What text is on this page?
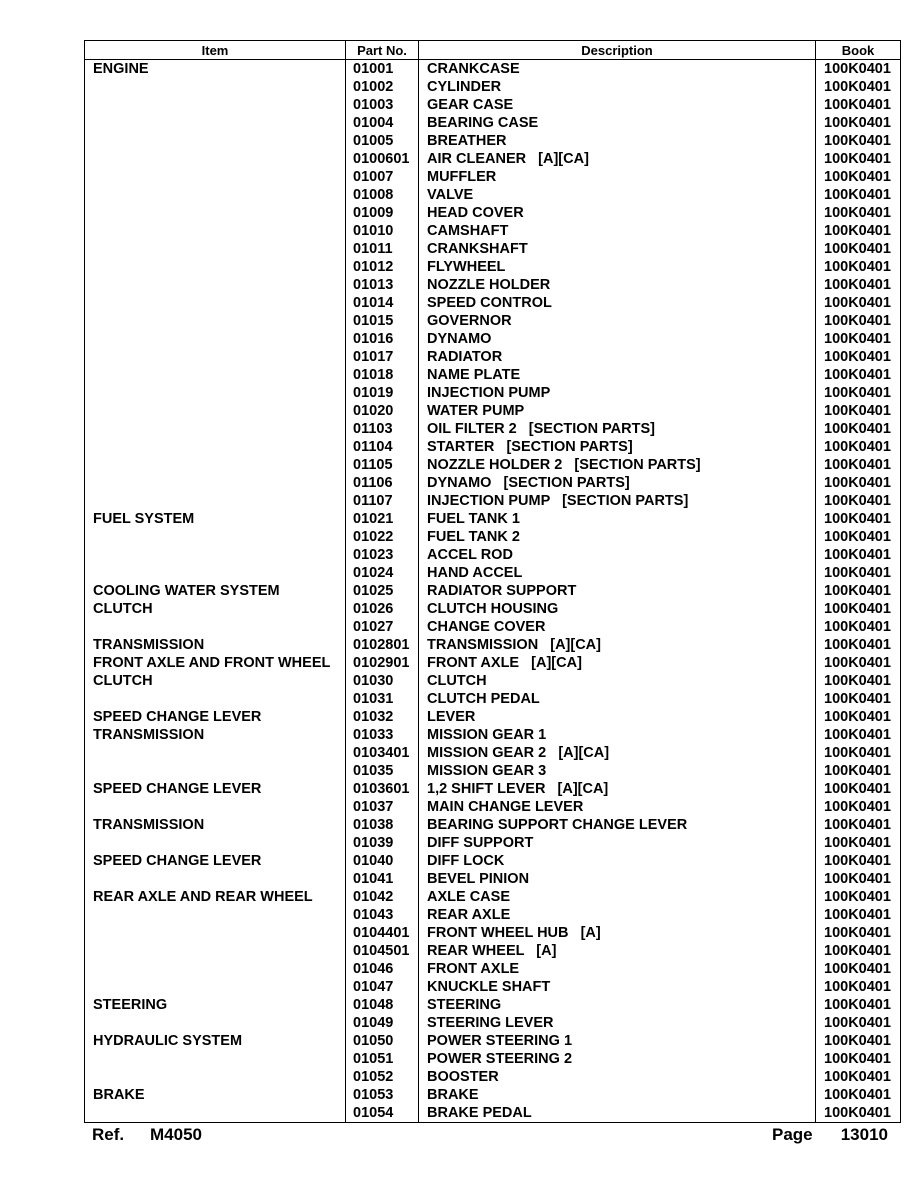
Item	Part No.	Description	Book
ENGINE	01001	CRANKCASE	100K0401
	01002	CYLINDER	100K0401
	01003	GEAR CASE	100K0401
	01004	BEARING CASE	100K0401
	01005	BREATHER	100K0401
	0100601	AIR CLEANER   [A][CA]	100K0401
	01007	MUFFLER	100K0401
	01008	VALVE	100K0401
	01009	HEAD COVER	100K0401
	01010	CAMSHAFT	100K0401
	01011	CRANKSHAFT	100K0401
	01012	FLYWHEEL	100K0401
	01013	NOZZLE HOLDER	100K0401
	01014	SPEED CONTROL	100K0401
	01015	GOVERNOR	100K0401
	01016	DYNAMO	100K0401
	01017	RADIATOR	100K0401
	01018	NAME PLATE	100K0401
	01019	INJECTION PUMP	100K0401
	01020	WATER PUMP	100K0401
	01103	OIL FILTER 2   [SECTION PARTS]	100K0401
	01104	STARTER   [SECTION PARTS]	100K0401
	01105	NOZZLE HOLDER 2   [SECTION PARTS]	100K0401
	01106	DYNAMO   [SECTION PARTS]	100K0401
	01107	INJECTION PUMP   [SECTION PARTS]	100K0401
FUEL SYSTEM	01021	FUEL TANK 1	100K0401
	01022	FUEL TANK 2	100K0401
	01023	ACCEL ROD	100K0401
	01024	HAND ACCEL	100K0401
COOLING WATER SYSTEM	01025	RADIATOR SUPPORT	100K0401
CLUTCH	01026	CLUTCH HOUSING	100K0401
	01027	CHANGE COVER	100K0401
TRANSMISSION	0102801	TRANSMISSION   [A][CA]	100K0401
FRONT AXLE AND FRONT WHEEL	0102901	FRONT AXLE   [A][CA]	100K0401
CLUTCH	01030	CLUTCH	100K0401
	01031	CLUTCH PEDAL	100K0401
SPEED CHANGE LEVER	01032	LEVER	100K0401
TRANSMISSION	01033	MISSION GEAR 1	100K0401
	0103401	MISSION GEAR 2   [A][CA]	100K0401
	01035	MISSION GEAR 3	100K0401
SPEED CHANGE LEVER	0103601	1,2 SHIFT LEVER   [A][CA]	100K0401
	01037	MAIN CHANGE LEVER	100K0401
TRANSMISSION	01038	BEARING SUPPORT CHANGE LEVER	100K0401
	01039	DIFF SUPPORT	100K0401
SPEED CHANGE LEVER	01040	DIFF LOCK	100K0401
	01041	BEVEL PINION	100K0401
REAR AXLE AND REAR WHEEL	01042	AXLE CASE	100K0401
	01043	REAR AXLE	100K0401
	0104401	FRONT WHEEL HUB   [A]	100K0401
	0104501	REAR WHEEL   [A]	100K0401
	01046	FRONT AXLE	100K0401
	01047	KNUCKLE SHAFT	100K0401
STEERING	01048	STEERING	100K0401
	01049	STEERING LEVER	100K0401
HYDRAULIC SYSTEM	01050	POWER STEERING 1	100K0401
	01051	POWER STEERING 2	100K0401
	01052	BOOSTER	100K0401
BRAKE	01053	BRAKE	100K0401
	01054	BRAKE PEDAL	100K0401
Ref. M4050	Page 13010
